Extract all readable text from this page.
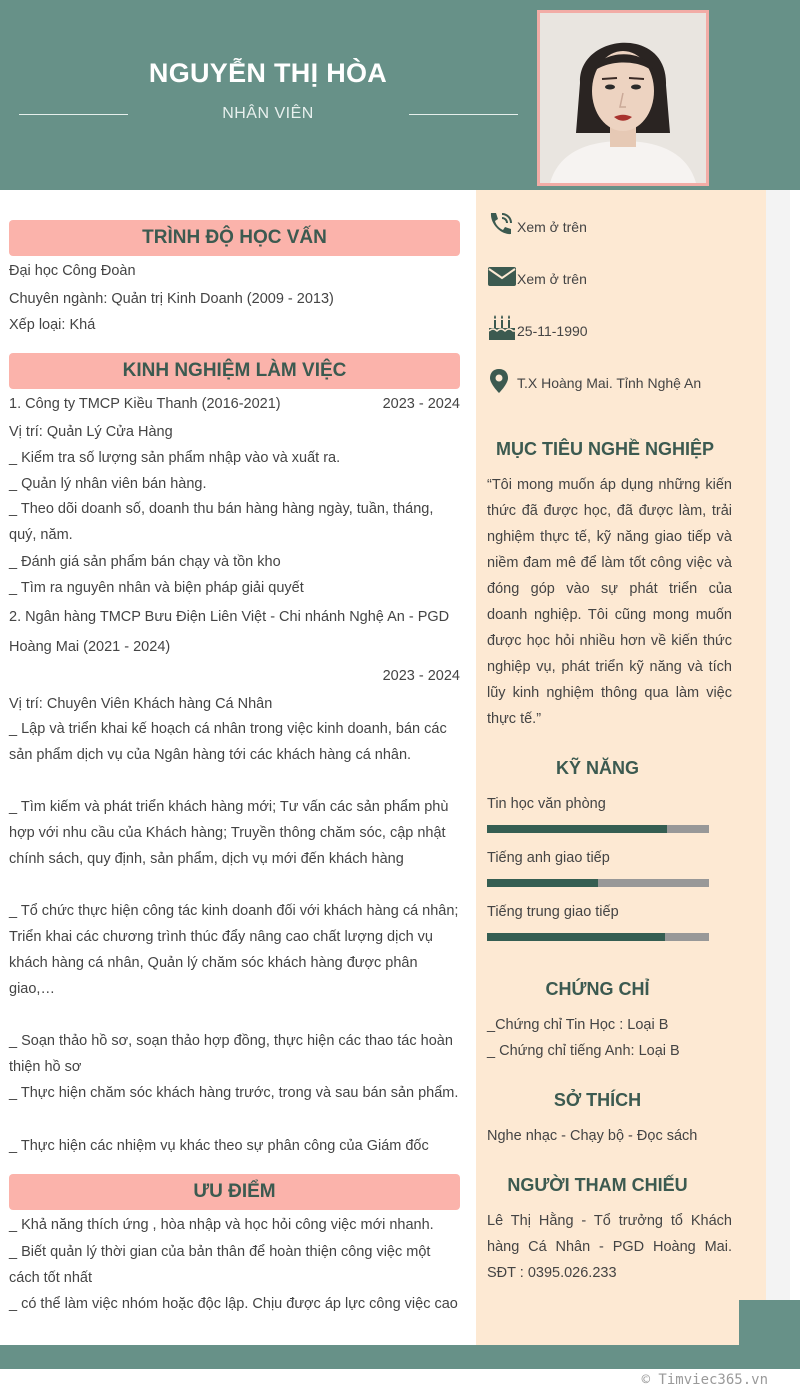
NGUYỄN THỊ HÒA
NHÂN VIÊN
TRÌNH ĐỘ HỌC VẤN
Đại học Công Đoàn
Chuyên ngành: Quản trị Kinh Doanh (2009 - 2013)
Xếp loại: Khá
KINH NGHIỆM LÀM VIỆC
1. Công ty TMCP Kiều Thanh (2016-2021)	2023 - 2024
Vị trí: Quản Lý Cửa Hàng
_ Kiểm tra số lượng sản phẩm nhập vào và xuất ra.
_ Quản lý nhân viên bán hàng.
_ Theo dõi doanh số, doanh thu bán hàng hàng ngày, tuần, tháng, quý, năm.
_ Đánh giá sản phẩm bán chạy và tồn kho
_ Tìm ra nguyên nhân và biện pháp giải quyết
2. Ngân hàng TMCP Bưu Điện Liên Việt - Chi nhánh Nghệ An - PGD Hoàng Mai (2021 - 2024)
2023 - 2024
Vị trí: Chuyên Viên Khách hàng Cá Nhân
_ Lập và triển khai kế hoạch cá nhân trong việc kinh doanh, bán các sản phẩm dịch vụ của Ngân hàng tới các khách hàng cá nhân.
_ Tìm kiếm và phát triển khách hàng mới; Tư vấn các sản phẩm phù hợp với nhu cầu của Khách hàng; Truyền thông chăm sóc, cập nhật chính sách, quy định, sản phẩm, dịch vụ mới đến khách hàng
_ Tổ chức thực hiện công tác kinh doanh đối với khách hàng cá nhân; Triển khai các chương trình thúc đẩy nâng cao chất lượng dịch vụ khách hàng cá nhân, Quản lý chăm sóc khách hàng được phân giao,…
_ Soạn thảo hồ sơ, soạn thảo hợp đồng, thực hiện các thao tác hoàn thiện hồ sơ
_ Thực hiện chăm sóc khách hàng trước, trong và sau bán sản phẩm.
_ Thực hiện các nhiệm vụ khác theo sự phân công của Giám đốc
ƯU ĐIỂM
_ Khả năng thích ứng , hòa nhập và học hỏi công việc mới nhanh.
_ Biết quản lý thời gian của bản thân để hoàn thiện công việc một cách tốt nhất
_ có thể làm việc nhóm hoặc độc lập. Chịu được áp lực công việc cao
Xem ở trên
Xem ở trên
25-11-1990
T.X Hoàng Mai. Tỉnh Nghệ An
MỤC TIÊU NGHỀ NGHIỆP
“Tôi mong muốn áp dụng những kiến thức đã được học, đã được làm, trải nghiệm thực tế, kỹ năng giao tiếp và niềm đam mê để làm tốt công việc và đóng góp vào sự phát triển của doanh nghiệp. Tôi cũng mong muốn được học hỏi nhiều hơn về kiến thức nghiệp vụ, phát triển kỹ năng và tích lũy kinh nghiệm thông qua làm việc thực tế.”
KỸ NĂNG
Tin học văn phòng
Tiếng anh giao tiếp
Tiếng trung giao tiếp
CHỨNG CHỈ
_Chứng chỉ Tin Học : Loại B
_ Chứng chỉ tiếng Anh: Loại B
SỞ THÍCH
Nghe nhạc - Chạy bộ - Đọc sách
NGƯỜI THAM CHIẾU
Lê Thị Hằng - Tổ trưởng tổ Khách hàng Cá Nhân - PGD Hoàng Mai. SĐT : 0395.026.233
© Timviec365.vn
